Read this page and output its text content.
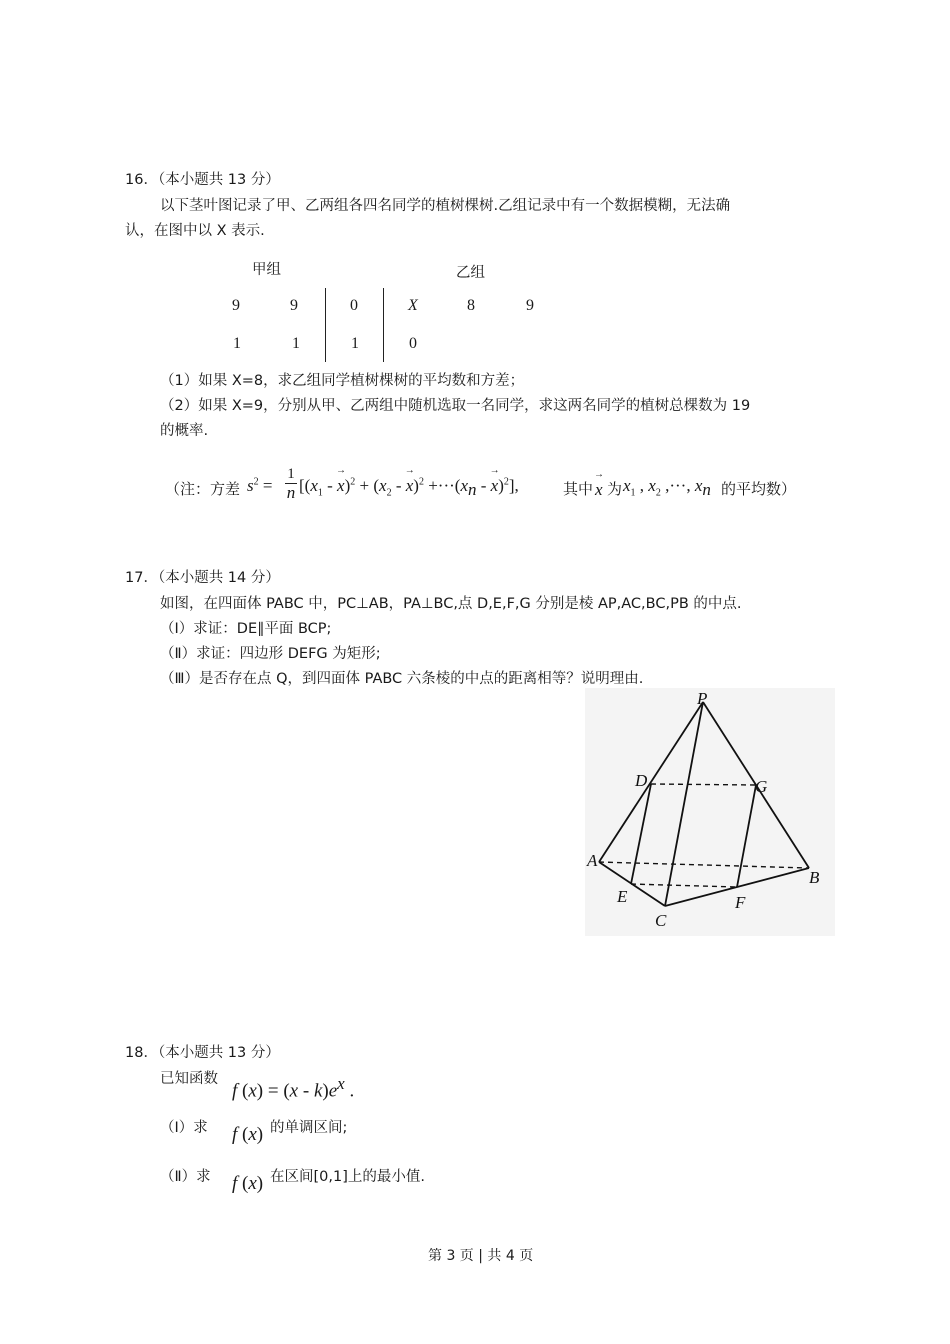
16．（本小题共 13 分）
以下茎叶图记录了甲、乙两组各四名同学的植树棵树.乙组记录中有一个数据模糊，无法确
认，在图中以 X 表示.
甲组	乙组
9	9	0	X	8	9
1	1	1	0
（1）如果 X=8，求乙组同学植树棵树的平均数和方差；
（2）如果 X=9，分别从甲、乙两组中随机选取一名同学，求这两名同学的植树总棵数为 19
的概率.
（注：方差 $s^2$ =
1
n [($x_1$ - → $x)^2 + (x_2$ - → $x)^2 +\cdot\cdot\cdot(x_n$ - → x)$^2$],	其中
→ x 为 $x_1$ , $x_2$ ,···, $x_n$ 的平均数）
17．（本小题共 14 分）
如图，在四面体 PABC 中，PC⊥AB，PA⊥BC,点 D,E,F,G 分别是棱 AP,AC,BC,PB 的中点.
（Ⅰ）求证：DE∥平面 BCP;
（Ⅱ）求证：四边形 DEFG 为矩形;
（Ⅲ）是否存在点 Q，到四面体 PABC 六条棱的中点的距离相等？说明理由.
P
D	G
A
B
E	F
C
18．（本小题共 13 分）
已知函数
f $(x) = (x - k)e^x$ .
（Ⅰ）求 f (x) 的单调区间;
（Ⅱ）求 f (x) 在区间[0,1]上的最小值.
第 3 页 | 共 4 页
